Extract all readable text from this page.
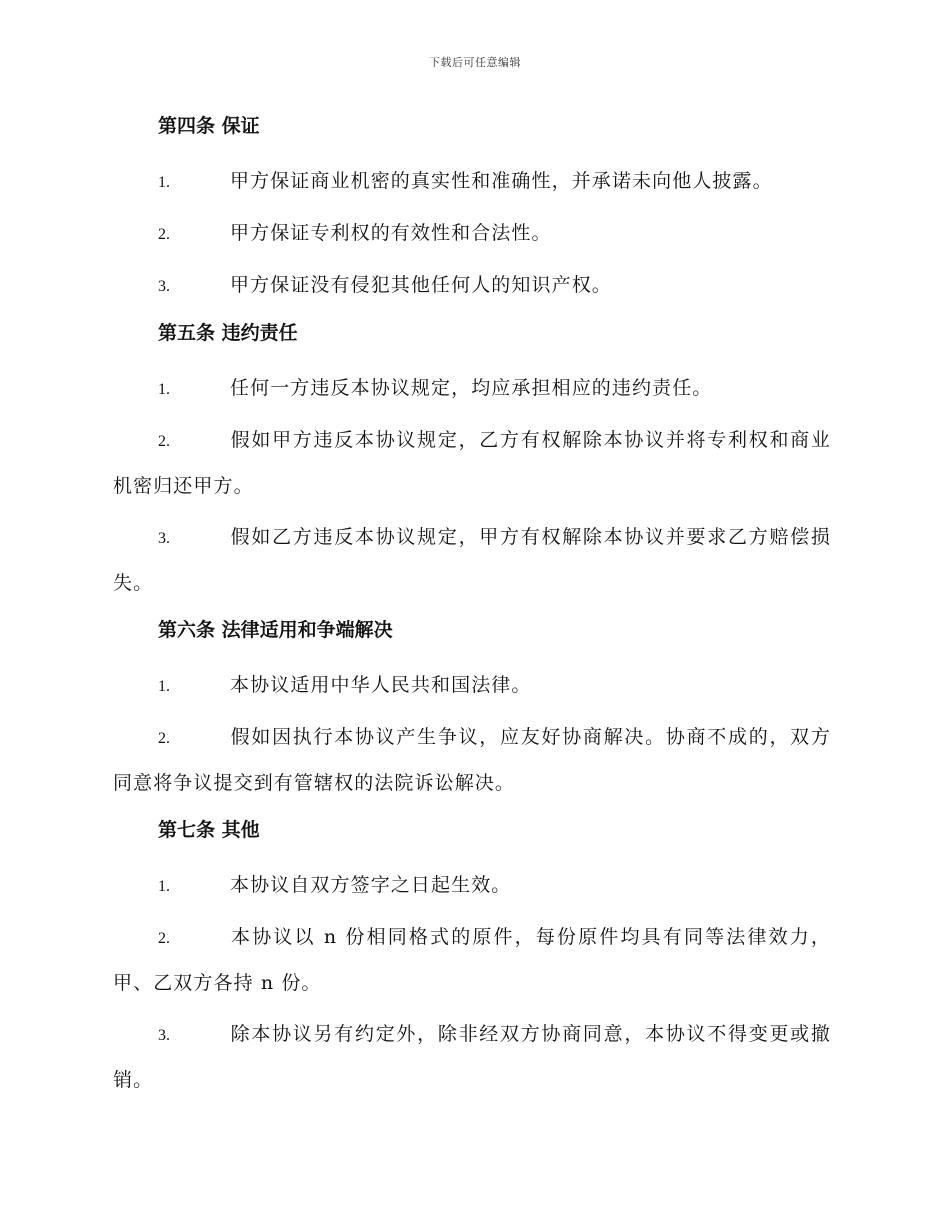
下载后可任意编辑

第四条 保证

1.	甲方保证商业机密的真实性和准确性，并承诺未向他人披露。

2.	甲方保证专利权的有效性和合法性。

3.	甲方保证没有侵犯其他任何人的知识产权。

第五条 违约责任

1.	任何一方违反本协议规定，均应承担相应的违约责任。

2.	假如甲方违反本协议规定，乙方有权解除本协议并将专利权和商业机密归还甲方。

3.	假如乙方违反本协议规定，甲方有权解除本协议并要求乙方赔偿损失。

第六条 法律适用和争端解决

1.	本协议适用中华人民共和国法律。

2.	假如因执行本协议产生争议，应友好协商解决。协商不成的，双方同意将争议提交到有管辖权的法院诉讼解决。

第七条 其他

1.	本协议自双方签字之日起生效。

2.	本协议以 n 份相同格式的原件，每份原件均具有同等法律效力，甲、乙双方各持 n 份。

3.	除本协议另有约定外，除非经双方协商同意，本协议不得变更或撤销。
